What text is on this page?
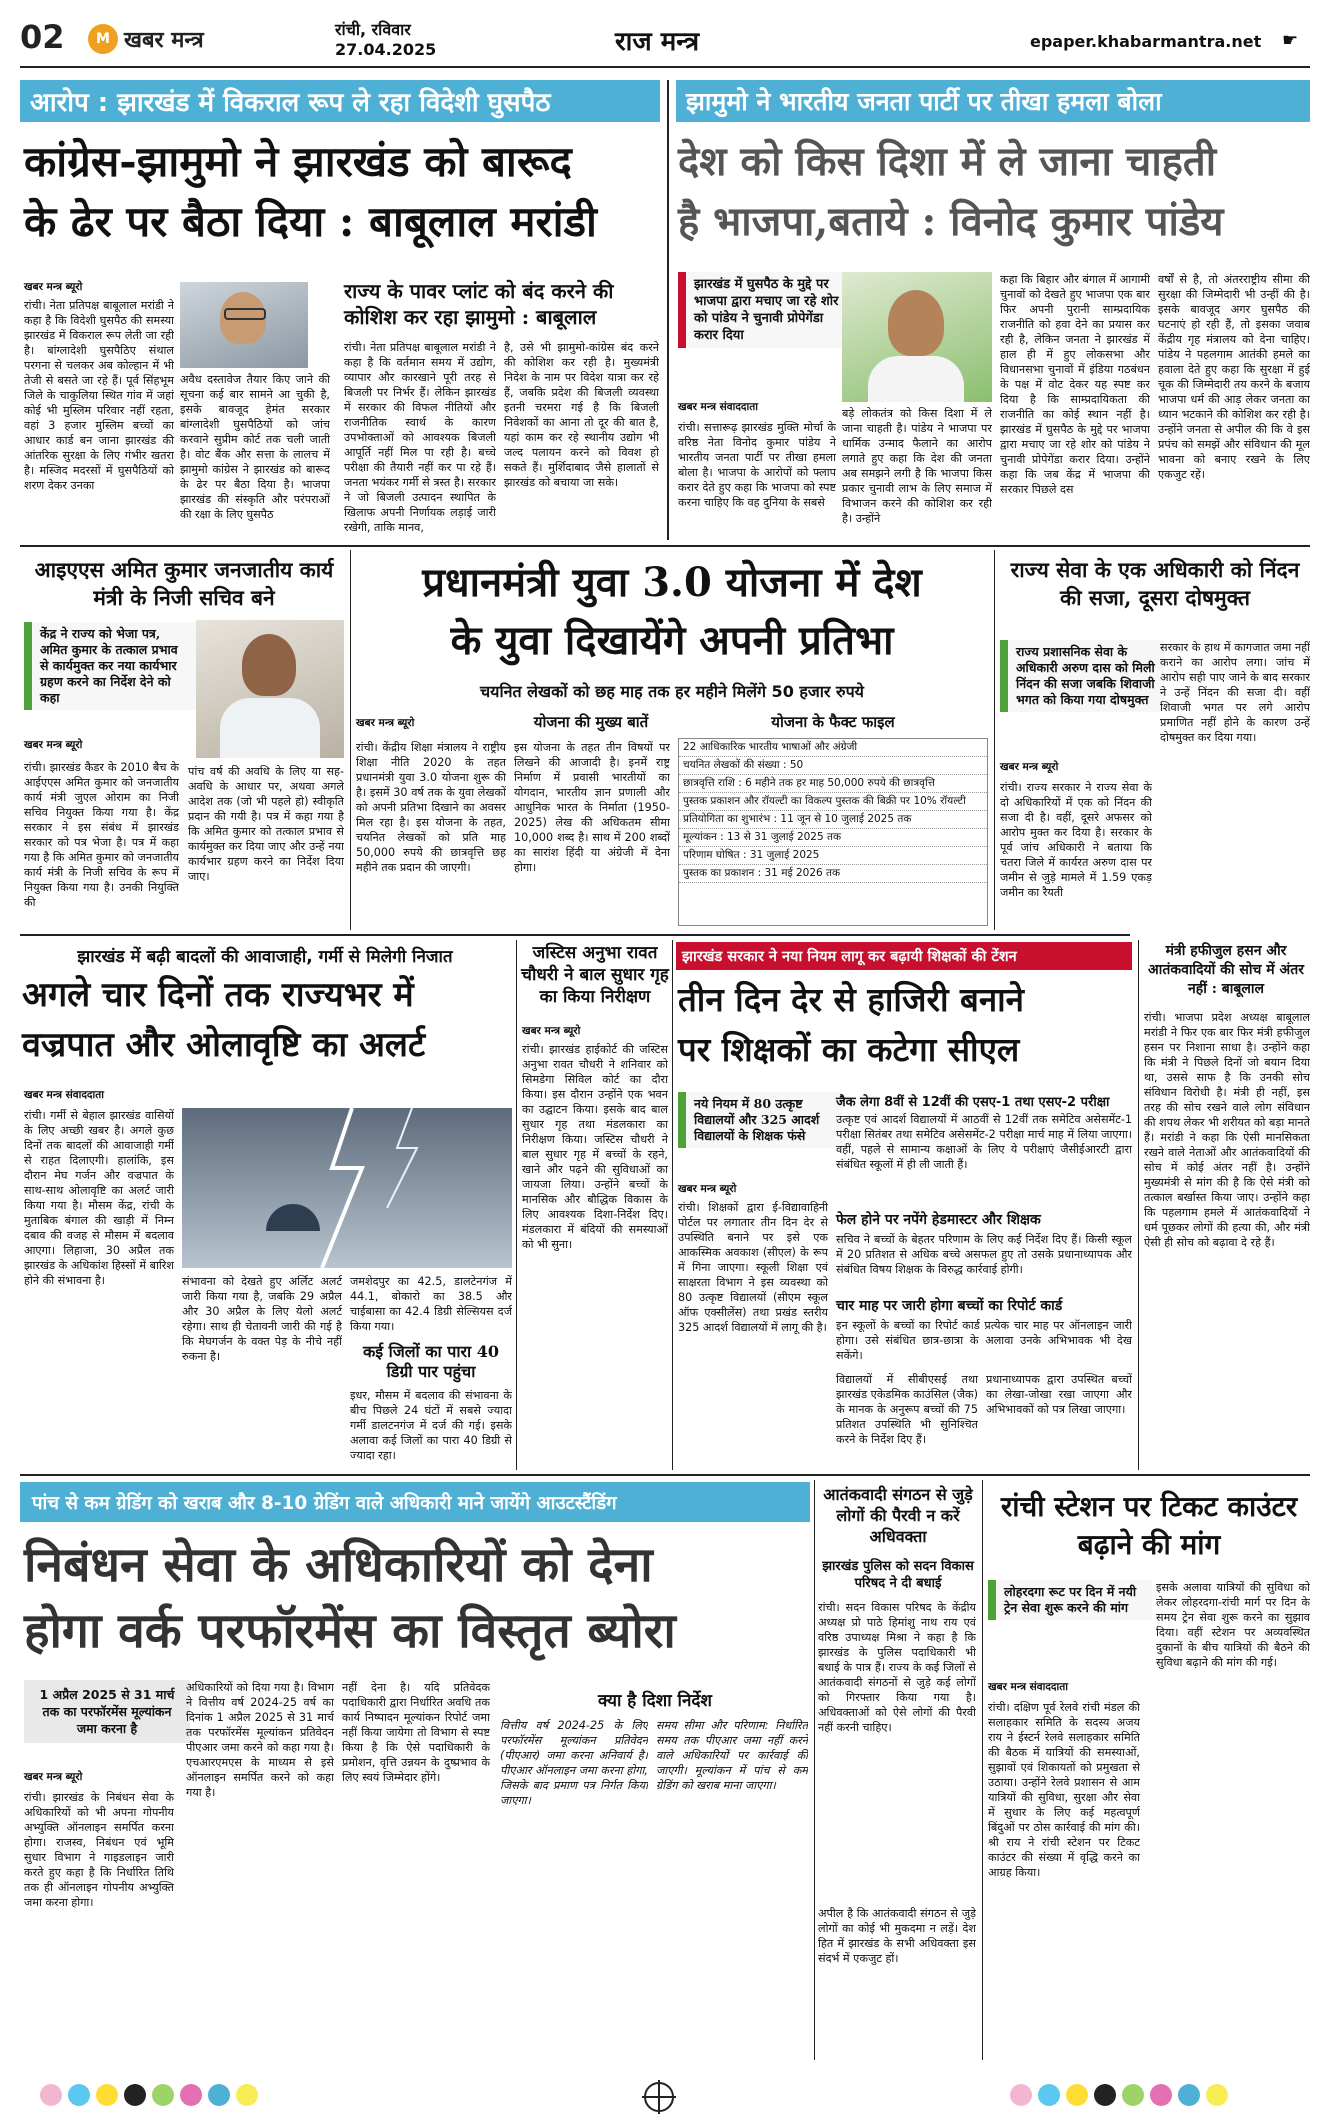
02	M खबर मन्त्र	रांची, रविवार
27.04.2025	राज मन्त्र	epaper.khabarmantra.net ☛
आरोप : झारखंड में विकराल रूप ले रहा विदेशी घुसपैठ
कांग्रेस-झामुमो ने झारखंड को बारूद
के ढेर पर बैठा दिया : बाबूलाल मरांडी
खबर मन्त्र ब्यूरो
रांची। नेता प्रतिपक्ष बाबूलाल मरांडी ने कहा है कि विदेशी घुसपैठ की समस्या झारखंड में विकराल रूप लेती जा रही है। बांग्लादेशी घुसपैठिए संथाल परगना से चलकर अब कोल्हान में भी तेजी से बसते जा रहे हैं। पूर्व सिंहभूम जिले के चाकुलिया स्थित गांव में जहां कोई भी मुस्लिम परिवार नहीं रहता, वहां 3 हजार मुस्लिम बच्चों का आधार कार्ड बन जाना झारखंड की आंतरिक सुरक्षा के लिए गंभीर खतरा है। मस्जिद मदरसों में घुसपैठियों को शरण देकर उनका
अवैध दस्तावेज तैयार किए जाने की सूचना कई बार सामने आ चुकी है, इसके बावजूद हेमंत सरकार बांग्लादेशी घुसपैठियों को जांच करवाने सुप्रीम कोर्ट तक चली जाती है। वोट बैंक और सत्ता के लालच में झामुमो कांग्रेस ने झारखंड को बारूद के ढेर पर बैठा दिया है। भाजपा झारखंड की संस्कृति और परंपराओं की रक्षा के लिए घुसपैठ
राज्य के पावर प्लांट को बंद करने की कोशिश कर रहा झामुमो : बाबूलाल
रांची। नेता प्रतिपक्ष बाबूलाल मरांडी ने कहा है कि वर्तमान समय में उद्योग, व्यापार और कारखाने पूरी तरह से बिजली पर निर्भर हैं। लेकिन झारखंड में सरकार की विफल नीतियों और राजनीतिक स्वार्थ के कारण उपभोक्ताओं को आवश्यक बिजली आपूर्ति नहीं मिल पा रही है। बच्चे परीक्षा की तैयारी नहीं कर पा रहे हैं। जनता भयंकर गर्मी से त्रस्त है। सरकार ने जो बिजली उत्पादन स्थापित के खिलाफ अपनी निर्णायक लड़ाई जारी रखेगी, ताकि मानव,
है, उसे भी झामुमो-कांग्रेस बंद करने की कोशिश कर रही है। मुख्यमंत्री निदेश के नाम पर विदेश यात्रा कर रहे हैं, जबकि प्रदेश की बिजली व्यवस्था इतनी चरमरा गई है कि बिजली निवेशकों का आना तो दूर की बात है, यहां काम कर रहे स्थानीय उद्योग भी जल्द पलायन करने को विवश हो सकते हैं। मुर्शिदाबाद जैसे हालातों से झारखंड को बचाया जा सके।
झामुमो ने भारतीय जनता पार्टी पर तीखा हमला बोला
देश को किस दिशा में ले जाना चाहती
है भाजपा,बताये : विनोद कुमार पांडेय
झारखंड में घुसपैठ के मुद्दे पर भाजपा द्वारा मचाए जा रहे शोर को पांडेय ने चुनावी प्रोपेगेंडा करार दिया
खबर मन्त्र संवाददाता
रांची। सत्तारूढ़ झारखंड मुक्ति मोर्चा के वरिष्ठ नेता विनोद कुमार पांडेय ने भारतीय जनता पार्टी पर तीखा हमला बोला है। भाजपा के आरोपों को फ्लाप करार देते हुए कहा कि भाजपा को स्पष्ट करना चाहिए कि वह दुनिया के सबसे
बड़े लोकतंत्र को किस दिशा में ले जाना चाहती है। पांडेय ने भाजपा पर धार्मिक उन्माद फैलाने का आरोप लगाते हुए कहा कि देश की जनता अब समझने लगी है कि भाजपा किस प्रकार चुनावी लाभ के लिए समाज में विभाजन करने की कोशिश कर रही है। उन्होंने
कहा कि बिहार और बंगाल में आगामी चुनावों को देखते हुए भाजपा एक बार फिर अपनी पुरानी साम्प्रदायिक राजनीति को हवा देने का प्रयास कर रही है, लेकिन जनता ने झारखंड में हाल ही में हुए लोकसभा और विधानसभा चुनावों में इंडिया गठबंधन के पक्ष में वोट देकर यह स्पष्ट कर दिया है कि साम्प्रदायिकता की राजनीति का कोई स्थान नहीं है। झारखंड में घुसपैठ के मुद्दे पर भाजपा द्वारा मचाए जा रहे शोर को पांडेय ने चुनावी प्रोपेगेंडा करार दिया। उन्होंने कहा कि जब केंद्र में भाजपा की सरकार पिछले दस
वर्षों से है, तो अंतरराष्ट्रीय सीमा की सुरक्षा की जिम्मेदारी भी उन्हीं की है। इसके बावजूद अगर घुसपैठ की घटनाएं हो रही हैं, तो इसका जवाब केंद्रीय गृह मंत्रालय को देना चाहिए। पांडेय ने पहलगाम आतंकी हमले का हवाला देते हुए कहा कि सुरक्षा में हुई चूक की जिम्मेदारी तय करने के बजाय भाजपा धर्म की आड़ लेकर जनता का ध्यान भटकाने की कोशिश कर रही है। उन्होंने जनता से अपील की कि वे इस प्रपंच को समझें और संविधान की मूल भावना को बनाए रखने के लिए एकजुट रहें।
आइएएस अमित कुमार जनजातीय कार्य मंत्री के निजी सचिव बने
केंद्र ने राज्य को भेजा पत्र, अमित कुमार के तत्काल प्रभाव से कार्यमुक्त कर नया कार्यभार ग्रहण करने का निर्देश देने को कहा
खबर मन्त्र ब्यूरो
रांची। झारखंड कैडर के 2010 बैच के आईएएस अमित कुमार को जनजातीय कार्य मंत्री जुएल ओराम का निजी सचिव नियुक्त किया गया है। केंद्र सरकार ने इस संबंध में झारखंड सरकार को पत्र भेजा है। पत्र में कहा गया है कि अमित कुमार को जनजातीय कार्य मंत्री के निजी सचिव के रूप में नियुक्त किया गया है। उनकी नियुक्ति की
पांच वर्ष की अवधि के लिए या सह-अवधि के आधार पर, अथवा अगले आदेश तक (जो भी पहले हो) स्वीकृति प्रदान की गयी है। पत्र में कहा गया है कि अमित कुमार को तत्काल प्रभाव से कार्यमुक्त कर दिया जाए और उन्हें नया कार्यभार ग्रहण करने का निर्देश दिया जाए।
प्रधानमंत्री युवा 3.0 योजना में देश
के युवा दिखायेंगे अपनी प्रतिभा
चयनित लेखकों को छह माह तक हर महीने मिलेंगे 50 हजार रुपये
खबर मन्त्र ब्यूरो	योजना की मुख्य बातें
रांची। केंद्रीय शिक्षा मंत्रालय ने राष्ट्रीय शिक्षा नीति 2020 के तहत प्रधानमंत्री युवा 3.0 योजना शुरू की है। इसमें 30 वर्ष तक के युवा लेखकों को अपनी प्रतिभा दिखाने का अवसर मिल रहा है। इस योजना के तहत, चयनित लेखकों को प्रति माह 50,000 रुपये की छात्रवृत्ति छह महीने तक प्रदान की जाएगी।
इस योजना के तहत तीन विषयों पर लिखने की आजादी है। इनमें राष्ट्र निर्माण में प्रवासी भारतीयों का योगदान, भारतीय ज्ञान प्रणाली और आधुनिक भारत के निर्माता (1950-2025) लेख की अधिकतम सीमा 10,000 शब्द है। साथ में 200 शब्दों का सारांश हिंदी या अंग्रेजी में देना होगा।
योजना के फैक्ट फाइल
22 आधिकारिक भारतीय भाषाओं और अंग्रेजी
चयनित लेखकों की संख्या : 50
छात्रवृत्ति राशि : 6 महीने तक हर माह 50,000 रुपये की छात्रवृत्ति
पुस्तक प्रकाशन और रॉयल्टी का विकल्प पुस्तक की बिक्री पर 10% रॉयल्टी
प्रतियोगिता का शुभारंभ : 11 जून से 10 जुलाई 2025 तक
मूल्यांकन : 13 से 31 जुलाई 2025 तक
परिणाम घोषित : 31 जुलाई 2025
पुस्तक का प्रकाशन : 31 मई 2026 तक
राज्य सेवा के एक अधिकारी को निंदन की सजा, दूसरा दोषमुक्त
राज्य प्रशासनिक सेवा के अधिकारी अरुण दास को मिली निंदन की सजा जबकि शिवाजी भगत को किया गया दोषमुक्त
खबर मन्त्र ब्यूरो
रांची। राज्य सरकार ने राज्य सेवा के दो अधिकारियों में एक को निंदन की सजा दी है। वहीं, दूसरे अफसर को आरोप मुक्त कर दिया है। सरकार के पूर्व जांच अधिकारी ने बताया कि चतरा जिले में कार्यरत अरुण दास पर जमीन से जुड़े मामले में 1.59 एकड़ जमीन का रैयती
सरकार के हाथ में कागजात जमा नहीं कराने का आरोप लगा। जांच में आरोप सही पाए जाने के बाद सरकार ने उन्हें निंदन की सजा दी। वहीं शिवाजी भगत पर लगे आरोप प्रमाणित नहीं होने के कारण उन्हें दोषमुक्त कर दिया गया।
झारखंड में बढ़ी बादलों की आवाजाही, गर्मी से मिलेगी निजात
अगले चार दिनों तक राज्यभर में
वज्रपात और ओलावृष्टि का अलर्ट
खबर मन्त्र संवाददाता
रांची। गर्मी से बेहाल झारखंड वासियों के लिए अच्छी खबर है। अगले कुछ दिनों तक बादलों की आवाजाही गर्मी से राहत दिलाएगी। हालांकि, इस दौरान मेघ गर्जन और वज्रपात के साथ-साथ ओलावृष्टि का अलर्ट जारी किया गया है। मौसम केंद्र, रांची के मुताबिक बंगाल की खाड़ी में निम्न दबाव की वजह से मौसम में बदलाव आएगा। लिहाजा, 30 अप्रैल तक झारखंड के अधिकांश हिस्सों में बारिश होने की संभावना है।	संभावना को देखते हुए अर्लिट अलर्ट जारी किया गया है, जबकि 29 अप्रैल और 30 अप्रैल के लिए येलो अलर्ट रहेगा। साथ ही चेतावनी जारी की गई है कि मेघगर्जन के वक्त पेड़ के नीचे नहीं रुकना है।
जमशेदपुर का 42.5, डालटेनगंज में 44.1, बोकारो का 38.5 और चाईबासा का 42.4 डिग्री सेल्सियस दर्ज किया गया।
कई जिलों का पारा 40 डिग्री पार पहुंचा
इधर, मौसम में बदलाव की संभावना के बीच पिछले 24 घंटों में सबसे ज्यादा गर्मी डालटनगंज में दर्ज की गई। इसके अलावा कई जिलों का पारा 40 डिग्री से ज्यादा रहा।
जस्टिस अनुभा रावत चौधरी ने बाल सुधार गृह का किया निरीक्षण
खबर मन्त्र ब्यूरो
रांची। झारखंड हाईकोर्ट की जस्टिस अनुभा रावत चौधरी ने शनिवार को सिमडेगा सिविल कोर्ट का दौरा किया। इस दौरान उन्होंने एक भवन का उद्घाटन किया। इसके बाद बाल सुधार गृह तथा मंडलकारा का निरीक्षण किया। जस्टिस चौधरी ने बाल सुधार गृह में बच्चों के रहने, खाने और पढ़ने की सुविधाओं का जायजा लिया। उन्होंने बच्चों के मानसिक और बौद्धिक विकास के लिए आवश्यक दिशा-निर्देश दिए। मंडलकारा में बंदियों की समस्याओं को भी सुना।
झारखंड सरकार ने नया नियम लागू कर बढ़ायी शिक्षकों की टेंशन
तीन दिन देर से हाजिरी बनाने
पर शिक्षकों का कटेगा सीएल
नये नियम में 80 उत्कृष्ट विद्यालयों और 325 आदर्श विद्यालयों के शिक्षक फंसे
खबर मन्त्र ब्यूरो
रांची। शिक्षकों द्वारा ई-विद्यावाहिनी पोर्टल पर लगातार तीन दिन देर से उपस्थिति बनाने पर इसे एक आकस्मिक अवकाश (सीएल) के रूप में गिना जाएगा। स्कूली शिक्षा एवं साक्षरता विभाग ने इस व्यवस्था को 80 उत्कृष्ट विद्यालयों (सीएम स्कूल ऑफ एक्सीलेंस) तथा प्रखंड स्तरीय 325 आदर्श विद्यालयों में लागू की है।
जैक लेगा 8वीं से 12वीं की एसए-1 तथा एसए-2 परीक्षा
उत्कृष्ट एवं आदर्श विद्यालयों में आठवीं से 12वीं तक समेटिव असेसमेंट-1 परीक्षा सितंबर तथा समेटिव असेसमेंट-2 परीक्षा मार्च माह में लिया जाएगा। वहीं, पहले से सामान्य कक्षाओं के लिए ये परीक्षाएं जैसीईआरटी द्वारा संबंधित स्कूलों में ही ली जाती हैं।
फेल होने पर नपेंगे हेडमास्टर और शिक्षक
सचिव ने बच्चों के बेहतर परिणाम के लिए कई निर्देश दिए हैं। किसी स्कूल में 20 प्रतिशत से अधिक बच्चे असफल हुए तो उसके प्रधानाध्यापक और संबंधित विषय शिक्षक के विरुद्ध कार्रवाई होगी।
चार माह पर जारी होगा बच्चों का रिपोर्ट कार्ड
इन स्कूलों के बच्चों का रिपोर्ट कार्ड प्रत्येक चार माह पर ऑनलाइन जारी होगा। उसे संबंधित छात्र-छात्रा के अलावा उनके अभिभावक भी देख सकेंगे।
विद्यालयों में सीबीएसई तथा झारखंड एकेडमिक काउंसिल (जैक) के मानक के अनुरूप बच्चों की 75 प्रतिशत उपस्थिति भी सुनिश्चित करने के निर्देश दिए हैं।
प्रधानाध्यापक द्वारा उपस्थित बच्चों का लेखा-जोखा रखा जाएगा और अभिभावकों को पत्र लिखा जाएगा।
मंत्री हफीजुल हसन और आतंकवादियों की सोच में अंतर नहीं : बाबूलाल
रांची। भाजपा प्रदेश अध्यक्ष बाबूलाल मरांडी ने फिर एक बार फिर मंत्री हफीजुल हसन पर निशाना साधा है। उन्होंने कहा कि मंत्री ने पिछले दिनों जो बयान दिया था, उससे साफ है कि उनकी सोच संविधान विरोधी है। मंत्री ही नहीं, इस तरह की सोच रखने वाले लोग संविधान की शपथ लेकर भी शरीयत को बड़ा मानते हैं। मरांडी ने कहा कि ऐसी मानसिकता रखने वाले नेताओं और आतंकवादियों की सोच में कोई अंतर नहीं है। उन्होंने मुख्यमंत्री से मांग की है कि ऐसे मंत्री को तत्काल बर्खास्त किया जाए। उन्होंने कहा कि पहलगाम हमले में आतंकवादियों ने धर्म पूछकर लोगों की हत्या की, और मंत्री ऐसी ही सोच को बढ़ावा दे रहे हैं।
पांच से कम ग्रेडिंग को खराब और 8-10 ग्रेडिंग वाले अधिकारी माने जायेंगे आउटस्टैंडिंग
निबंधन सेवा के अधिकारियों को देना
होगा वर्क परफॉरमेंस का विस्तृत ब्योरा
1 अप्रैल 2025 से 31 मार्च तक का परफॉरमेंस मूल्यांकन जमा करना है
खबर मन्त्र ब्यूरो
रांची। झारखंड के निबंधन सेवा के अधिकारियों को भी अपना गोपनीय अभ्युक्ति ऑनलाइन समर्पित करना होगा। राजस्व, निबंधन एवं भूमि सुधार विभाग ने गाइडलाइन जारी करते हुए कहा है कि निर्धारित तिथि तक ही ऑनलाइन गोपनीय अभ्युक्ति जमा करना होगा।
अधिकारियों को दिया गया है। विभाग ने वित्तीय वर्ष 2024-25 वर्ष का दिनांक 1 अप्रैल 2025 से 31 मार्च तक परफॉरमेंस मूल्यांकन प्रतिवेदन पीएआर जमा करने को कहा गया है। एचआरएमएस के माध्यम से इसे ऑनलाइन समर्पित करने को कहा गया है।
नहीं देना है। यदि प्रतिवेदक पदाधिकारी द्वारा निर्धारित अवधि तक कार्य निष्पादन मूल्यांकन रिपोर्ट जमा नहीं किया जायेगा तो विभाग से स्पष्ट किया है कि ऐसे पदाधिकारी के प्रमोशन, वृत्ति उन्नयन के दुष्प्रभाव के लिए स्वयं जिम्मेदार होंगे।
क्या है दिशा निर्देश
वित्तीय वर्ष 2024-25 के लिए परफॉरमेंस मूल्यांकन प्रतिवेदन (पीएआर) जमा करना अनिवार्य है। पीएआर ऑनलाइन जमा करना होगा, जिसके बाद प्रमाण पत्र निर्गत किया जाएगा।
समय सीमा और परिणाम: निर्धारित समय तक पीएआर जमा नहीं करने वाले अधिकारियों पर कार्रवाई की जाएगी। मूल्यांकन में पांच से कम ग्रेडिंग को खराब माना जाएगा।
आतंकवादी संगठन से जुड़े लोगों की पैरवी न करें अधिवक्ता
झारखंड पुलिस को सदन विकास परिषद ने दी बधाई
रांची। सदन विकास परिषद के केंद्रीय अध्यक्ष प्रो पाठे हिमांशु नाथ राय एवं वरिष्ठ उपाध्यक्ष मिश्रा ने कहा है कि झारखंड के पुलिस पदाधिकारी भी बधाई के पात्र हैं। राज्य के कई जिलों से आतंकवादी संगठनों से जुड़े कई लोगों को गिरफ्तार किया गया है। अधिवक्ताओं को ऐसे लोगों की पैरवी नहीं करनी चाहिए।
अपील है कि आतंकवादी संगठन से जुड़े लोगों का कोई भी मुकदमा न लड़ें। देश हित में झारखंड के सभी अधिवक्ता इस संदर्भ में एकजुट हों।
रांची स्टेशन पर टिकट काउंटर बढ़ाने की मांग
लोहरदगा रूट पर दिन में नयी ट्रेन सेवा शुरू करने की मांग
खबर मन्त्र संवाददाता
रांची। दक्षिण पूर्व रेलवे रांची मंडल की सलाहकार समिति के सदस्य अजय राय ने ईस्टर्न रेलवे सलाहकार समिति की बैठक में यात्रियों की समस्याओं, सुझावों एवं शिकायतों को प्रमुखता से उठाया। उन्होंने रेलवे प्रशासन से आम यात्रियों की सुविधा, सुरक्षा और सेवा में सुधार के लिए कई महत्वपूर्ण बिंदुओं पर ठोस कार्रवाई की मांग की। श्री राय ने रांची स्टेशन पर टिकट काउंटर की संख्या में वृद्धि करने का आग्रह किया।
इसके अलावा यात्रियों की सुविधा को लेकर लोहरदगा-रांची मार्ग पर दिन के समय ट्रेन सेवा शुरू करने का सुझाव दिया। वहीं स्टेशन पर अव्यवस्थित दुकानों के बीच यात्रियों की बैठने की सुविधा बढ़ाने की मांग की गई।
